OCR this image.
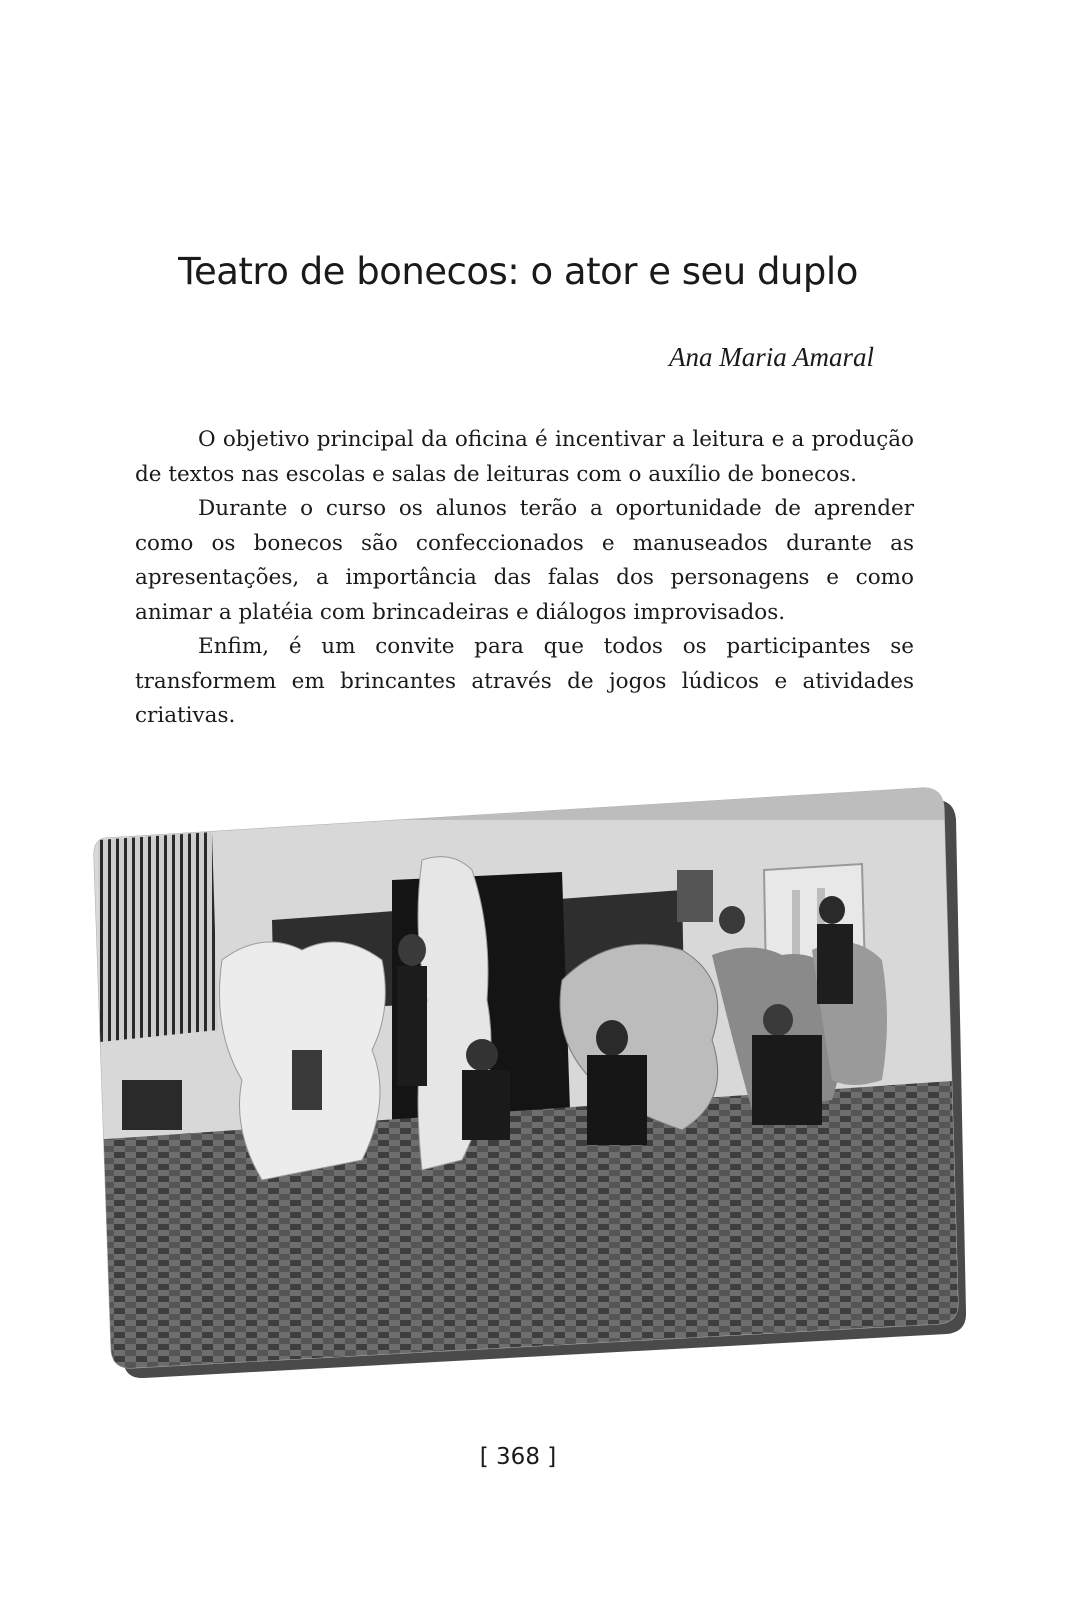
Teatro de bonecos: o ator e seu duplo
Ana Maria Amaral

O objetivo principal da oficina é incentivar a leitura e a produção de textos nas escolas e salas de leituras com o auxílio de bonecos.

Durante o curso os alunos terão a oportunidade de aprender como os bonecos são confeccionados e manuseados durante as apresentações, a importância das falas dos personagens e como animar a platéia com brincadeiras e diálogos improvisados.

Enfim, é um convite para que todos os participantes se transformem em brincantes através de jogos lúdicos e atividades criativas.

[ 368 ]
